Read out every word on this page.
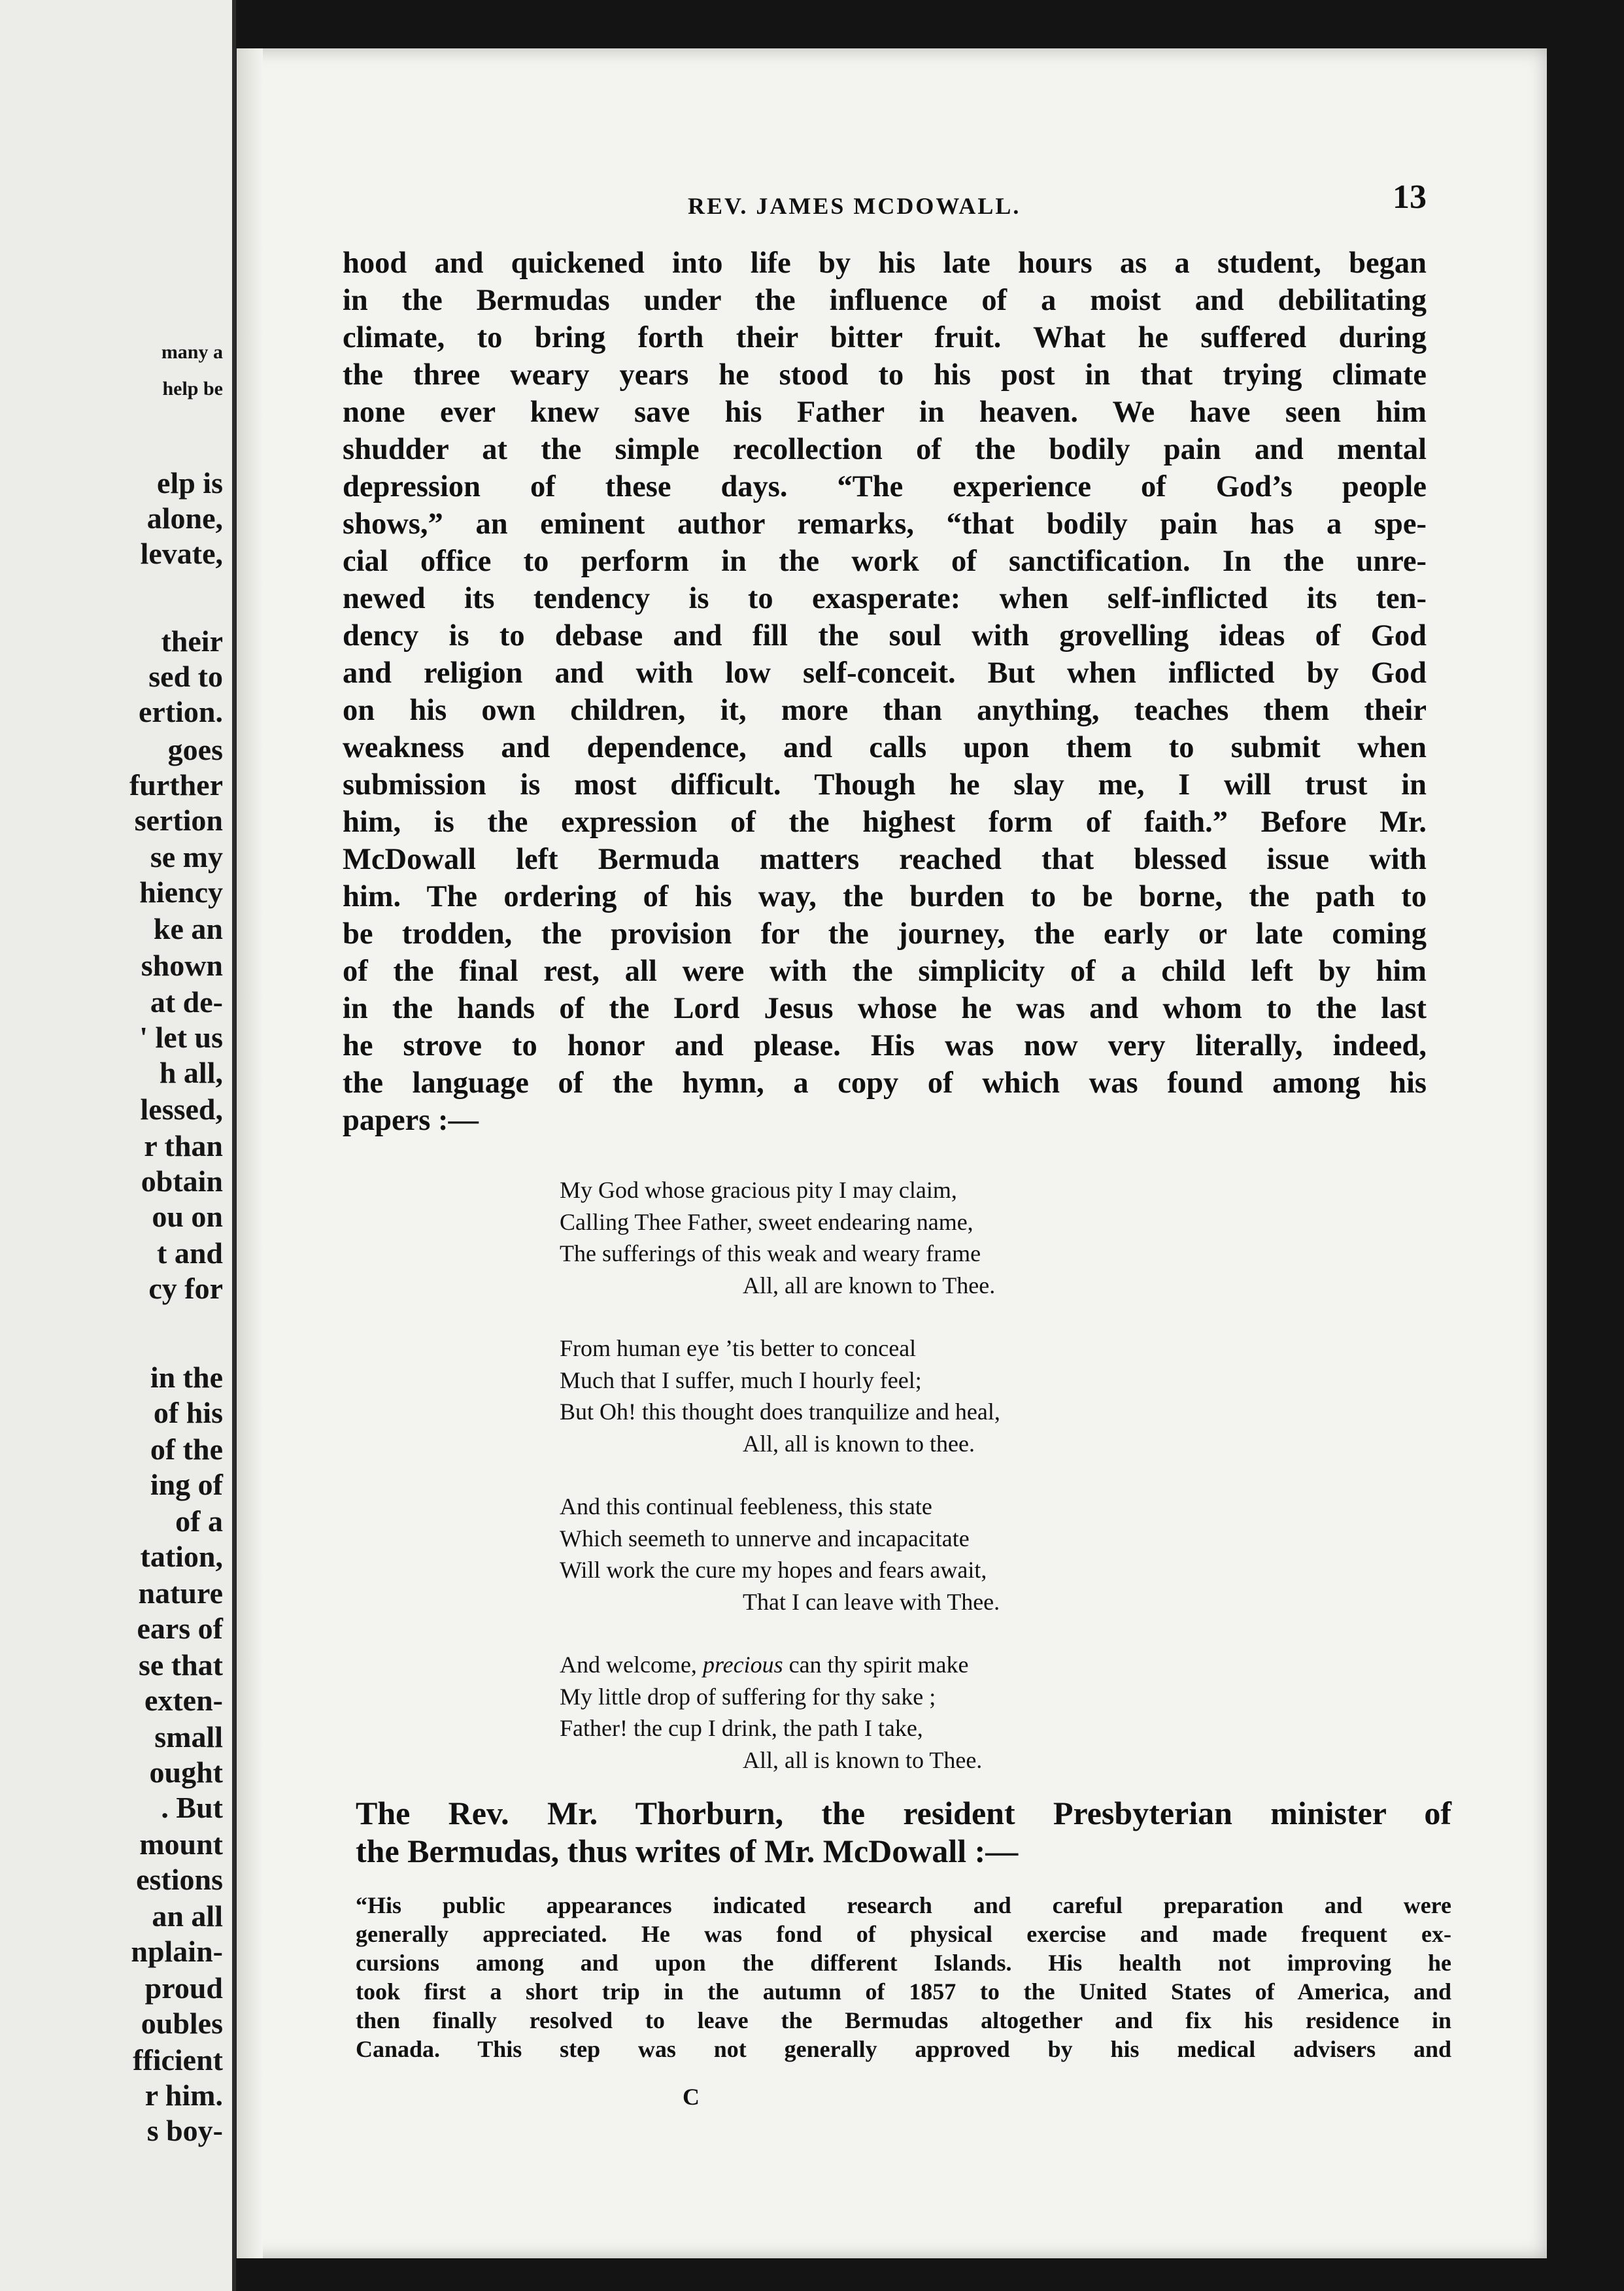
many a
help be
elp is
alone,
levate,
their
sed to
ertion.
goes
further
sertion
se my
hiency
ke an
shown
at de-
' let us
h all,
lessed,
r than
obtain
ou on
t and
cy for
in the
of his
of the
ing of
of a
tation,
nature
ears of
se that
exten-
small
ought
. But
mount
estions
an all
nplain-
proud
oubles
fficient
r him.
s boy-
REV. JAMES MCDOWALL.	13
hood and quickened into life by his late hours as a student, began
in the Bermudas under the influence of a moist and debilitating
climate, to bring forth their bitter fruit. What he suffered during
the three weary years he stood to his post in that trying climate
none ever knew save his Father in heaven. We have seen him
shudder at the simple recollection of the bodily pain and mental
depression of these days. “The experience of God’s people
shows,” an eminent author remarks, “that bodily pain has a spe-
cial office to perform in the work of sanctification. In the unre-
newed its tendency is to exasperate: when self-inflicted its ten-
dency is to debase and fill the soul with grovelling ideas of God
and religion and with low self-conceit. But when inflicted by God
on his own children, it, more than anything, teaches them their
weakness and dependence, and calls upon them to submit when
submission is most difficult. Though he slay me, I will trust in
him, is the expression of the highest form of faith.” Before Mr.
McDowall left Bermuda matters reached that blessed issue with
him. The ordering of his way, the burden to be borne, the path to
be trodden, the provision for the journey, the early or late coming
of the final rest, all were with the simplicity of a child left by him
in the hands of the Lord Jesus whose he was and whom to the last
he strove to honor and please. His was now very literally, indeed,
the language of the hymn, a copy of which was found among his
papers :—
My God whose gracious pity I may claim,
Calling Thee Father, sweet endearing name,
The sufferings of this weak and weary frame
All, all are known to Thee.
From human eye ’tis better to conceal
Much that I suffer, much I hourly feel;
But Oh! this thought does tranquilize and heal,
All, all is known to thee.
And this continual feebleness, this state
Which seemeth to unnerve and incapacitate
Will work the cure my hopes and fears await,
That I can leave with Thee.
And welcome, precious can thy spirit make
My little drop of suffering for thy sake ;
Father! the cup I drink, the path I take,
All, all is known to Thee.
The Rev. Mr. Thorburn, the resident Presbyterian minister of
the Bermudas, thus writes of Mr. McDowall :—
“His public appearances indicated research and careful preparation and were
generally appreciated. He was fond of physical exercise and made frequent ex-
cursions among and upon the different Islands. His health not improving he
took first a short trip in the autumn of 1857 to the United States of America, and
then finally resolved to leave the Bermudas altogether and fix his residence in
Canada. This step was not generally approved by his medical advisers and
C
